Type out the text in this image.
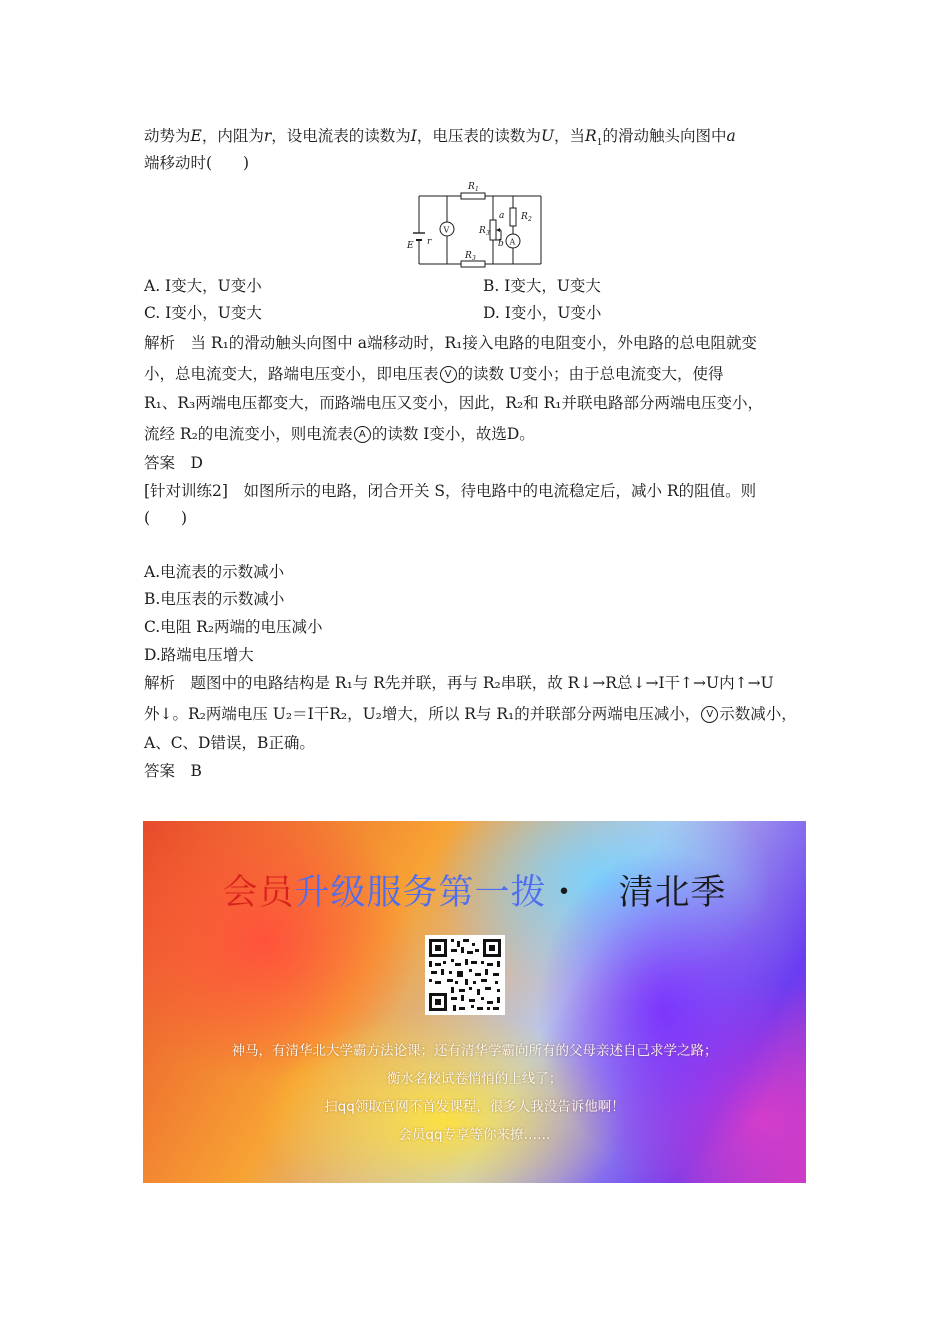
动势为E，内阻为r，设电流表的读数为I，电压表的读数为U，当$R_1$的滑动触头向图中a
端移动时(　　)
R 1
V
a R 2
R 3
b A
E r
R 3
A. I变大，U变小	B. I变大，U变大
C. I变小，U变大	D. I变小，U变小
解析　当 R₁的滑动触头向图中 a端移动时，R₁接入电路的电阻变小，外电路的总电阻就变
小，总电流变大，路端电压变小，即电压表 V 的读数 U变小；由于总电流变大，使得
R₁、R₃两端电压都变大，而路端电压又变小，因此，R₂和 R₁并联电路部分两端电压变小，
流经 R₂的电流变小，则电流表 A 的读数 I变小，故选D。
答案　D
[针对训练2]　如图所示的电路，闭合开关 S，待电路中的电流稳定后，减小 R的阻值。则
(　　)
A.电流表的示数减小
B.电压表的示数减小
C.电阻 R₂两端的电压减小
D.路端电压增大
解析　题图中的电路结构是 R₁与 R先并联，再与 R₂串联，故 R↓→R总↓→I干↑→U内↑→U
外↓。R₂两端电压 U₂＝I干R₂，U₂增大，所以 R与 R₁的并联部分两端电压减小， V 示数减小，
A、C、D错误，B正确。
答案　B
会员升级服务第一拨・　清北季
神马，有清华北大学霸方法论课；还有清华学霸向所有的父母亲述自己求学之路；
衡水名校试卷悄悄的上线了；
扫qq领取官网不首发课程，很多人我没告诉他啊！
会员qq专享等你来撩……
